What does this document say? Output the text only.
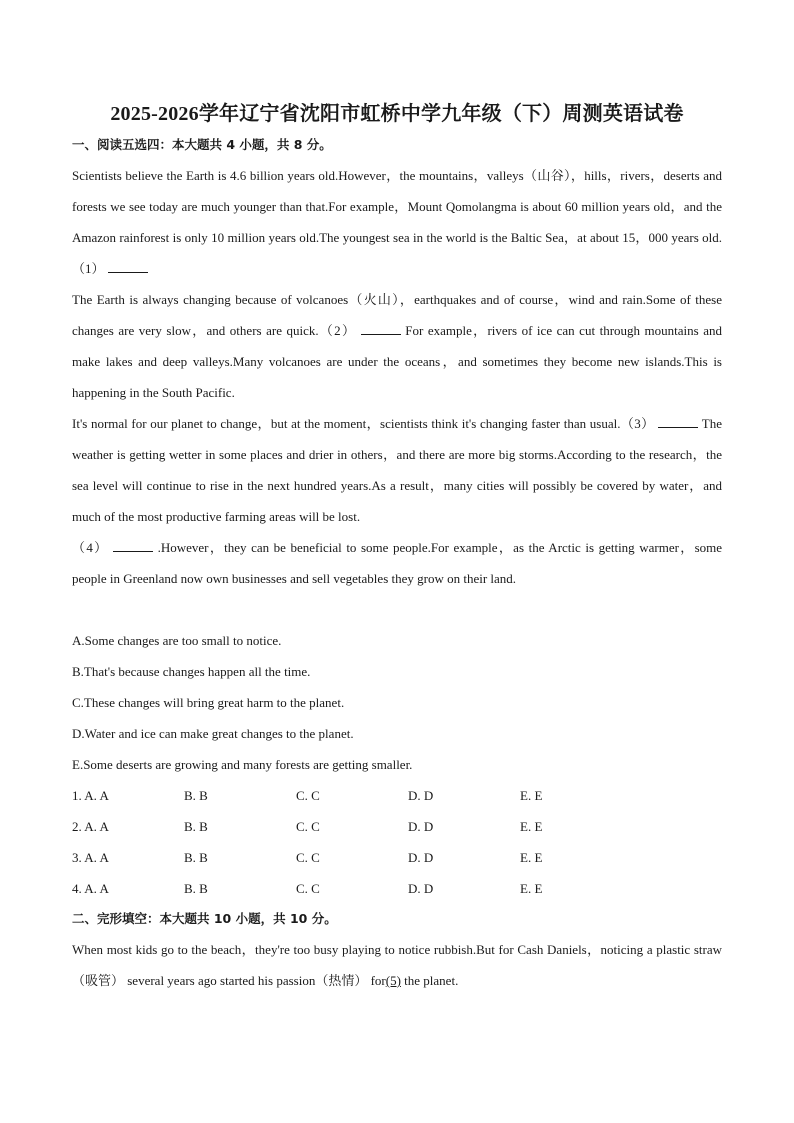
2025-2026学年辽宁省沈阳市虹桥中学九年级（下）周测英语试卷
一、阅读五选四：本大题共 4 小题，共 8 分。

Scientists believe the Earth is 4.6 billion years old.However，the mountains，valleys（山谷），hills，rivers，deserts and forests we see today are much younger than that.For example，Mount Qomolangma is about 60 million years old，and the Amazon rainforest is only 10 million years old.The youngest sea in the world is the Baltic Sea，at about 15，000 years old.（1）

The Earth is always changing because of volcanoes（火山），earthquakes and of course，wind and rain.Some of these changes are very slow，and others are quick.（2）	For example，rivers of ice can cut through mountains and make lakes and deep valleys.Many volcanoes are under the oceans，and sometimes they become new islands.This is happening in the South Pacific.

It's normal for our planet to change，but at the moment，scientists think it's changing faster than usual.（3）	The weather is getting wetter in some places and drier in others，and there are more big storms.According to the research，the sea level will continue to rise in the next hundred years.As a result，many cities will possibly be covered by water，and much of the most productive farming areas will be lost.

（4）	.However，they can be beneficial to some people.For example，as the Arctic is getting warmer，some people in Greenland now own businesses and sell vegetables they grow on their land.

A.Some changes are too small to notice.

B.That's because changes happen all the time.

C.These changes will bring great harm to the planet.

D.Water and ice can make great changes to the planet.

E.Some deserts are growing and many forests are getting smaller.

1. A. A	B. B	C. C	D. D	E. E
2. A. A	B. B	C. C	D. D	E. E
3. A. A	B. B	C. C	D. D	E. E
4. A. A	B. B	C. C	D. D	E. E
二、完形填空：本大题共 10 小题，共 10 分。

When most kids go to the beach，they're too busy playing to notice rubbish.But for Cash Daniels，noticing a plastic straw（吸管） several years ago started his passion（热情） for(5) the planet.
